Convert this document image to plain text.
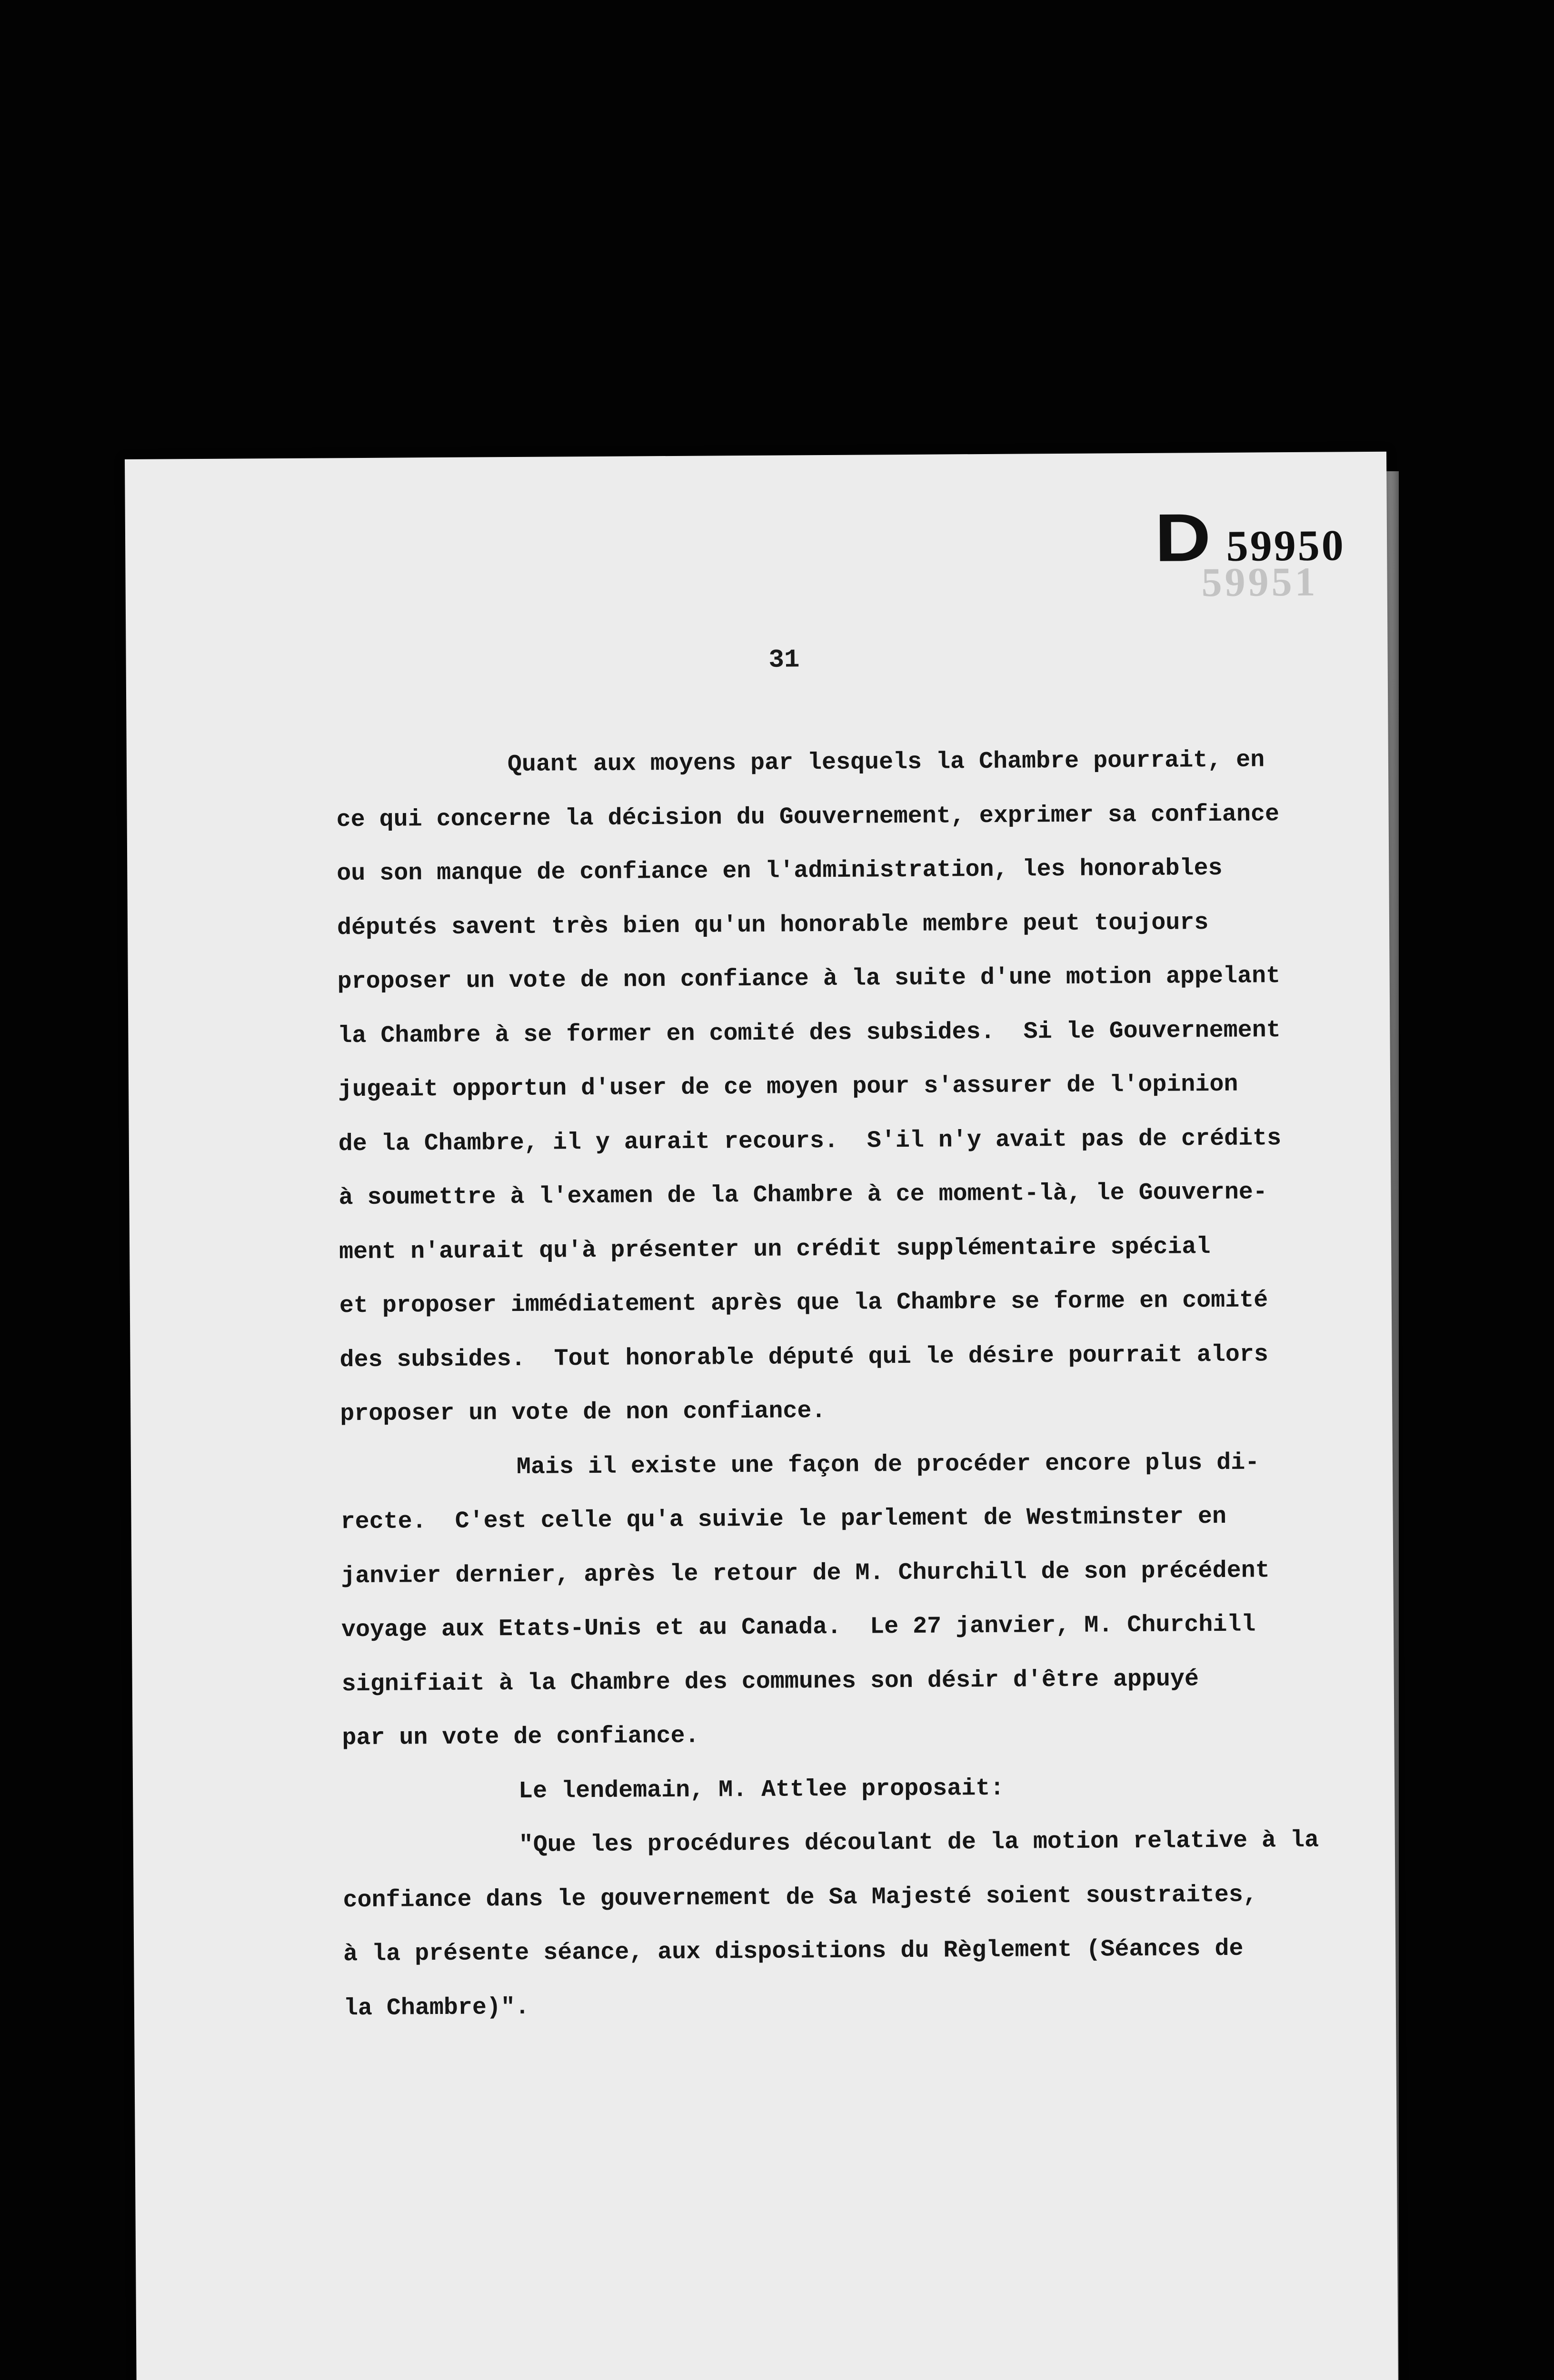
D 59950
59951
31
Quant aux moyens par lesquels la Chambre pourrait, en
ce qui concerne la décision du Gouvernement, exprimer sa confiance
ou son manque de confiance en l'administration, les honorables
députés savent très bien qu'un honorable membre peut toujours
proposer un vote de non confiance à la suite d'une motion appelant
la Chambre à se former en comité des subsides.  Si le Gouvernement
jugeait opportun d'user de ce moyen pour s'assurer de l'opinion
de la Chambre, il y aurait recours.  S'il n'y avait pas de crédits
à soumettre à l'examen de la Chambre à ce moment-là, le Gouverne-
ment n'aurait qu'à présenter un crédit supplémentaire spécial
et proposer immédiatement après que la Chambre se forme en comité
des subsides.  Tout honorable député qui le désire pourrait alors
proposer un vote de non confiance.
Mais il existe une façon de procéder encore plus di-
recte.  C'est celle qu'a suivie le parlement de Westminster en
janvier dernier, après le retour de M. Churchill de son précédent
voyage aux Etats-Unis et au Canada.  Le 27 janvier, M. Churchill
signifiait à la Chambre des communes son désir d'être appuyé
par un vote de confiance.
Le lendemain, M. Attlee proposait:
"Que les procédures découlant de la motion relative à la
confiance dans le gouvernement de Sa Majesté soient soustraites,
à la présente séance, aux dispositions du Règlement (Séances de
la Chambre)".
